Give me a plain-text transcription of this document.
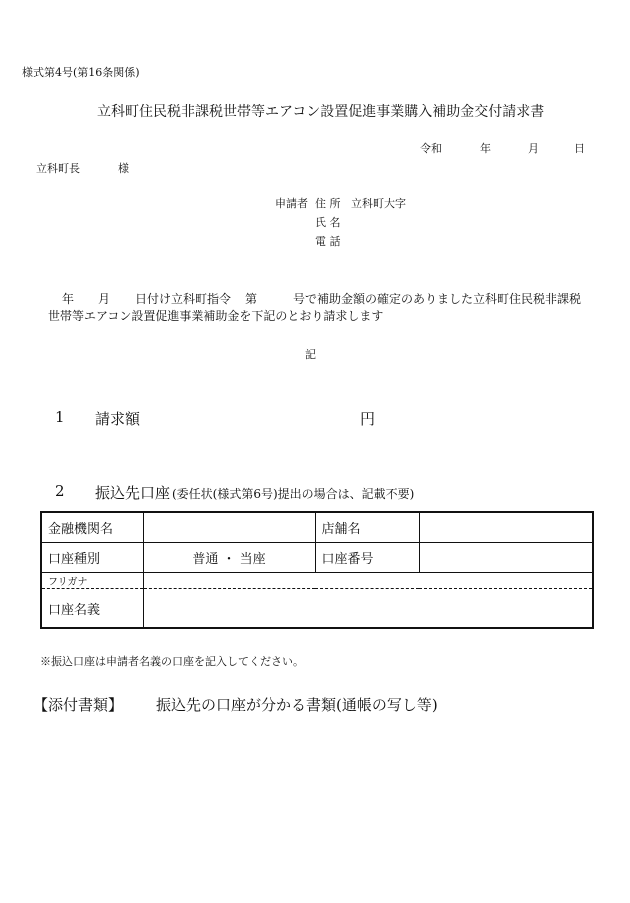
様式第4号(第16条関係)
立科町住民税非課税世帯等エアコン設置促進事業購入補助金交付請求書
令和	年	月	日
立科町長	様
申請者 住 所 立科町大字
氏 名
電 話
年 月 日付け立科町指令 第	号で補助金額の確定のありました立科町住民税非課税
世帯等エアコン設置促進事業補助金を下記のとおり請求します
記
1 請求額	円
2 振込先口座 (委任状(様式第6号)提出の場合は、記載不要)
金融機関名		店舗名	
口座種別	普通 ・ 当座	口座番号	
フリガナ			
口座名義			
※振込口座は申請者名義の口座を記入してください。
【添付書類】 振込先の口座が分かる書類(通帳の写し等)
